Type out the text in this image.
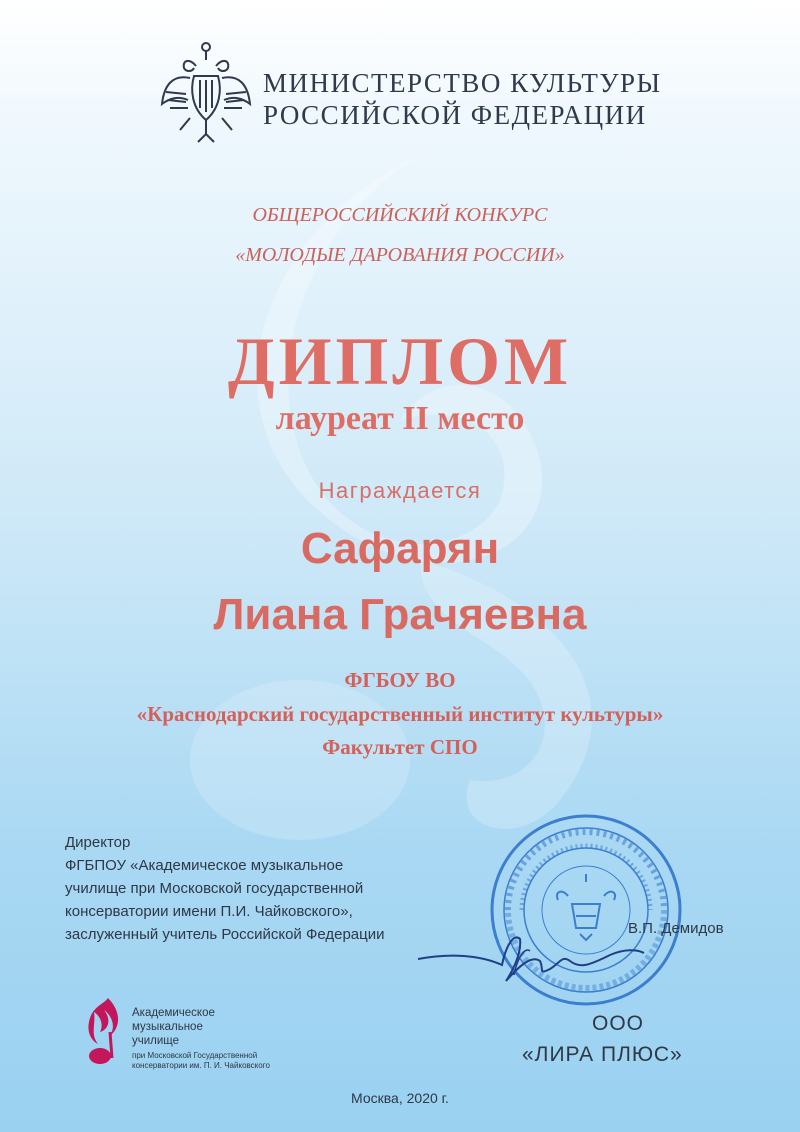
МИНИСТЕРСТВО КУЛЬТУРЫ
РОССИЙСКОЙ ФЕДЕРАЦИИ
ОБЩЕРОССИЙСКИЙ КОНКУРС
«МОЛОДЫЕ ДАРОВАНИЯ РОССИИ»
ДИПЛОМ
лауреат II место
Награждается
Сафарян
Лиана Грачяевна
ФГБОУ ВО
«Краснодарский государственный институт культуры»
Факультет СПО
Директор
ФГБПОУ «Академическое музыкальное
училище при Московской государственной
консерватории имени П.И. Чайковского»,
заслуженный учитель Российской Федерации	В.П. Демидов
ООО
«ЛИРА ПЛЮС»
Академическое
музыкальное
училище
при Московской Государственной
консерватории им. П. И. Чайковского
Москва, 2020 г.
